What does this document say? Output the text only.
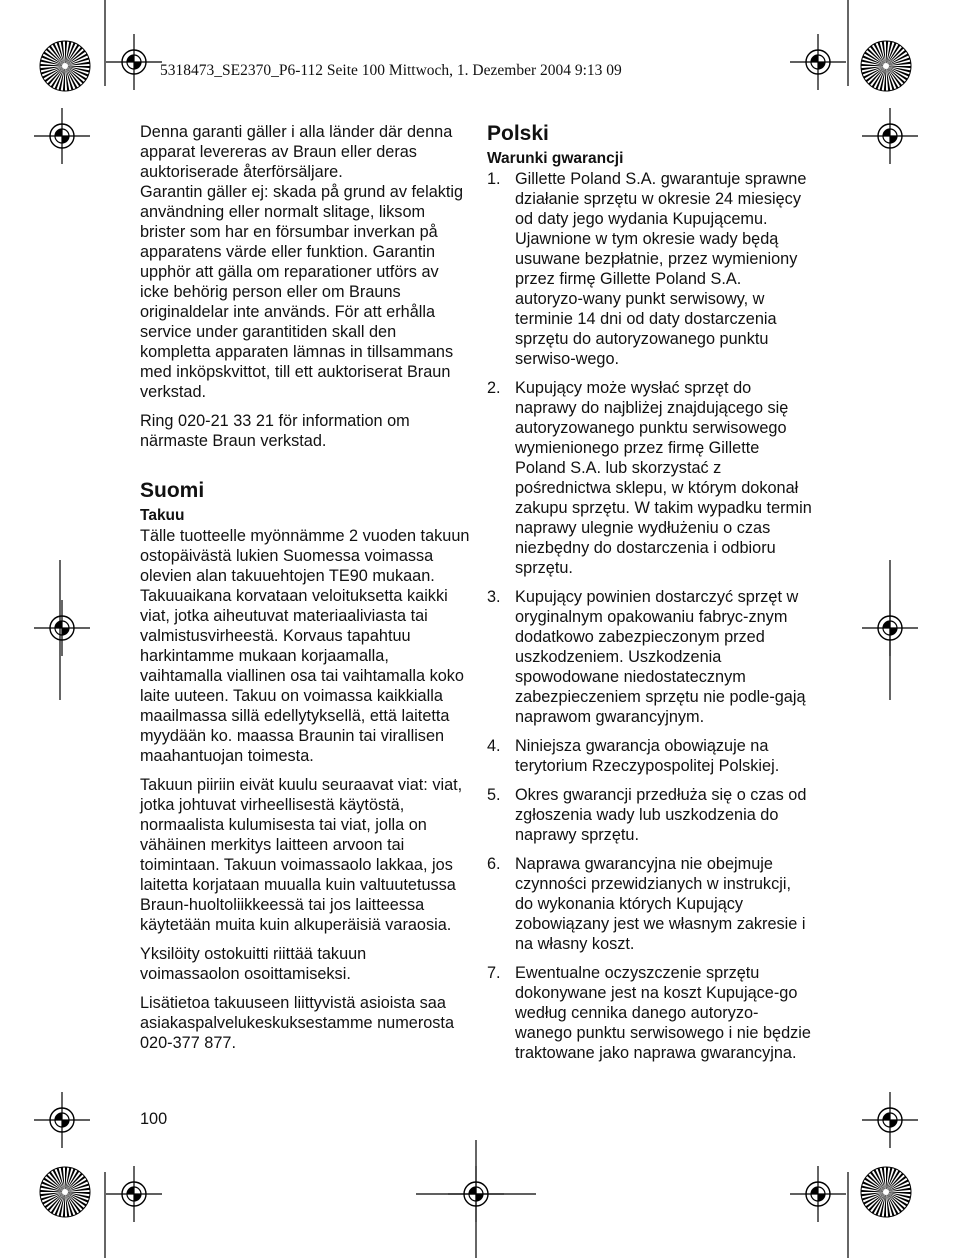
5318473_SE2370_P6-112 Seite 100 Mittwoch, 1. Dezember 2004 9:13 09

Denna garanti gäller i alla länder där denna apparat levereras av Braun eller deras auktoriserade återförsäljare.

Garantin gäller ej: skada på grund av felaktig användning eller normalt slitage, liksom brister som har en försumbar inverkan på apparatens värde eller funktion. Garantin upphör att gälla om reparationer utförs av icke behörig person eller om Brauns originaldelar inte används. För att erhålla service under garantitiden skall den kompletta apparaten lämnas in tillsammans med inköpskvittot, till ett auktoriserat Braun verkstad.

Ring 020-21 33 21 för information om närmaste Braun verkstad.

Suomi
Takuu

Tälle tuotteelle myönnämme 2 vuoden takuun ostopäivästä lukien Suomessa voimassa olevien alan takuuehtojen TE90 mukaan. Takuuaikana korvataan veloituksetta kaikki viat, jotka aiheutuvat materiaaliviasta tai valmistusvirheestä. Korvaus tapahtuu harkintamme mukaan korjaamalla, vaihtamalla viallinen osa tai vaihtamalla koko laite uuteen. Takuu on voimassa kaikkialla maailmassa sillä edellytyksellä, että laitetta myydään ko. maassa Braunin tai virallisen maahantuojan toimesta.

Takuun piiriin eivät kuulu seuraavat viat: viat, jotka johtuvat virheellisestä käytöstä, normaalista kulumisesta tai viat, jolla on vähäinen merkitys laitteen arvoon tai toimintaan. Takuun voimassaolo lakkaa, jos laitetta korjataan muualla kuin valtuutetussa Braun-huoltoliikkeessä tai jos laitteessa käytetään muita kuin alkuperäisiä varaosia.

Yksilöity ostokuitti riittää takuun voimassaolon osoittamiseksi.

Lisätietoa takuuseen liittyvistä asioista saa asiakaspalvelukeskuksestamme numerosta 020-377 877.

100
Polski
Warunki gwarancji
1. Gillette Poland S.A. gwarantuje sprawne działanie sprzętu w okresie 24 miesięcy od daty jego wydania Kupującemu. Ujawnione w tym okresie wady będą usuwane bezpłatnie, przez wymieniony przez firmę Gillette Poland S.A. autoryzo-wany punkt serwisowy, w terminie 14 dni od daty dostarczenia sprzętu do autoryzowanego punktu serwiso-wego.
2. Kupujący może wysłać sprzęt do naprawy do najbliżej znajdującego się autoryzowanego punktu serwisowego wymienionego przez firmę Gillette Poland S.A. lub skorzystać z pośrednictwa sklepu, w którym dokonał zakupu sprzętu. W takim wypadku termin naprawy ulegnie wydłużeniu o czas niezbędny do dostarczenia i odbioru sprzętu.
3. Kupujący powinien dostarczyć sprzęt w oryginalnym opakowaniu fabryc-znym dodatkowo zabezpieczonym przed uszkodzeniem. Uszkodzenia spowodowane niedostatecznym zabezpieczeniem sprzętu nie podle-gają naprawom gwarancyjnym.
4. Niniejsza gwarancja obowiązuje na terytorium Rzeczypospolitej Polskiej.
5. Okres gwarancji przedłuża się o czas od zgłoszenia wady lub uszkodzenia do naprawy sprzętu.
6. Naprawa gwarancyjna nie obejmuje czynności przewidzianych w instrukcji, do wykonania których Kupujący zobowiązany jest we własnym zakresie i na własny koszt.
7. Ewentualne oczyszczenie sprzętu dokonywane jest na koszt Kupujące-go według cennika danego autoryzo-wanego punktu serwisowego i nie będzie traktowane jako naprawa gwarancyjna.
